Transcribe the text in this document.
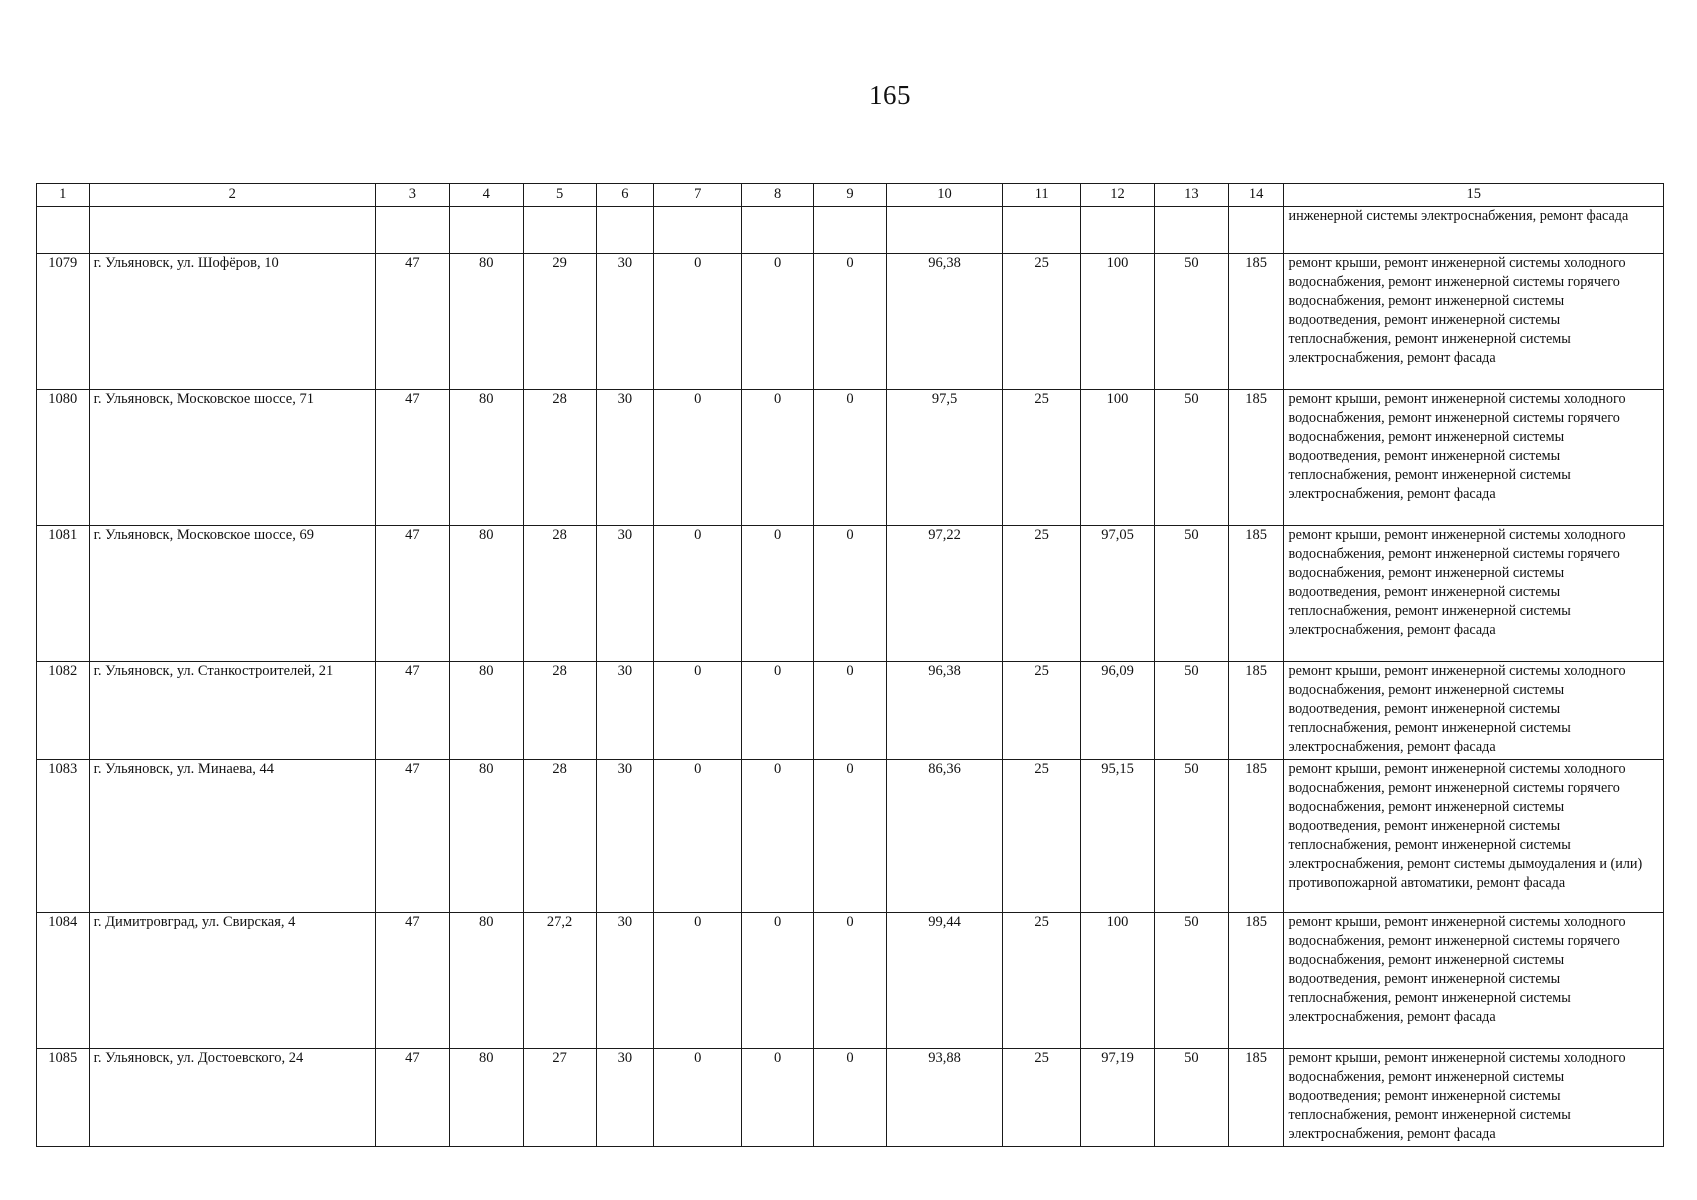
165
1	2	3	4	5	6	7	8	9	10	11	12	13	14	15
														инженерной системы электроснабжения, ремонт фасада
1079	г. Ульяновск, ул. Шофёров, 10	47	80	29	30	0	0	0	96,38	25	100	50	185	ремонт крыши, ремонт инженерной системы холодного водоснабжения, ремонт инженерной системы горячего водоснабжения, ремонт инженерной системы водоотведения, ремонт инженерной системы теплоснабжения, ремонт инженерной системы электроснабжения, ремонт фасада
1080	г. Ульяновск, Московское шоссе, 71	47	80	28	30	0	0	0	97,5	25	100	50	185	ремонт крыши, ремонт инженерной системы холодного водоснабжения, ремонт инженерной системы горячего водоснабжения, ремонт инженерной системы водоотведения, ремонт инженерной системы теплоснабжения, ремонт инженерной системы электроснабжения, ремонт фасада
1081	г. Ульяновск, Московское шоссе, 69	47	80	28	30	0	0	0	97,22	25	97,05	50	185	ремонт крыши, ремонт инженерной системы холодного водоснабжения, ремонт инженерной системы горячего водоснабжения, ремонт инженерной системы водоотведения, ремонт инженерной системы теплоснабжения, ремонт инженерной системы электроснабжения, ремонт фасада
1082	г. Ульяновск, ул. Станкостроителей, 21	47	80	28	30	0	0	0	96,38	25	96,09	50	185	ремонт крыши, ремонт инженерной системы холодного водоснабжения, ремонт инженерной системы водоотведения, ремонт инженерной системы теплоснабжения, ремонт инженерной системы электроснабжения, ремонт фасада
1083	г. Ульяновск, ул. Минаева, 44	47	80	28	30	0	0	0	86,36	25	95,15	50	185	ремонт крыши, ремонт инженерной системы холодного водоснабжения, ремонт инженерной системы горячего водоснабжения, ремонт инженерной системы водоотведения, ремонт инженерной системы теплоснабжения, ремонт инженерной системы электроснабжения, ремонт системы дымоудаления и (или) противопожарной автоматики, ремонт фасада
1084	г. Димитровград, ул. Свирская, 4	47	80	27,2	30	0	0	0	99,44	25	100	50	185	ремонт крыши, ремонт инженерной системы холодного водоснабжения, ремонт инженерной системы горячего водоснабжения, ремонт инженерной системы водоотведения, ремонт инженерной системы теплоснабжения, ремонт инженерной системы электроснабжения, ремонт фасада
1085	г. Ульяновск, ул. Достоевского, 24	47	80	27	30	0	0	0	93,88	25	97,19	50	185	ремонт крыши, ремонт инженерной системы холодного водоснабжения, ремонт инженерной системы водоотведения; ремонт инженерной системы теплоснабжения, ремонт инженерной системы электроснабжения, ремонт фасада
